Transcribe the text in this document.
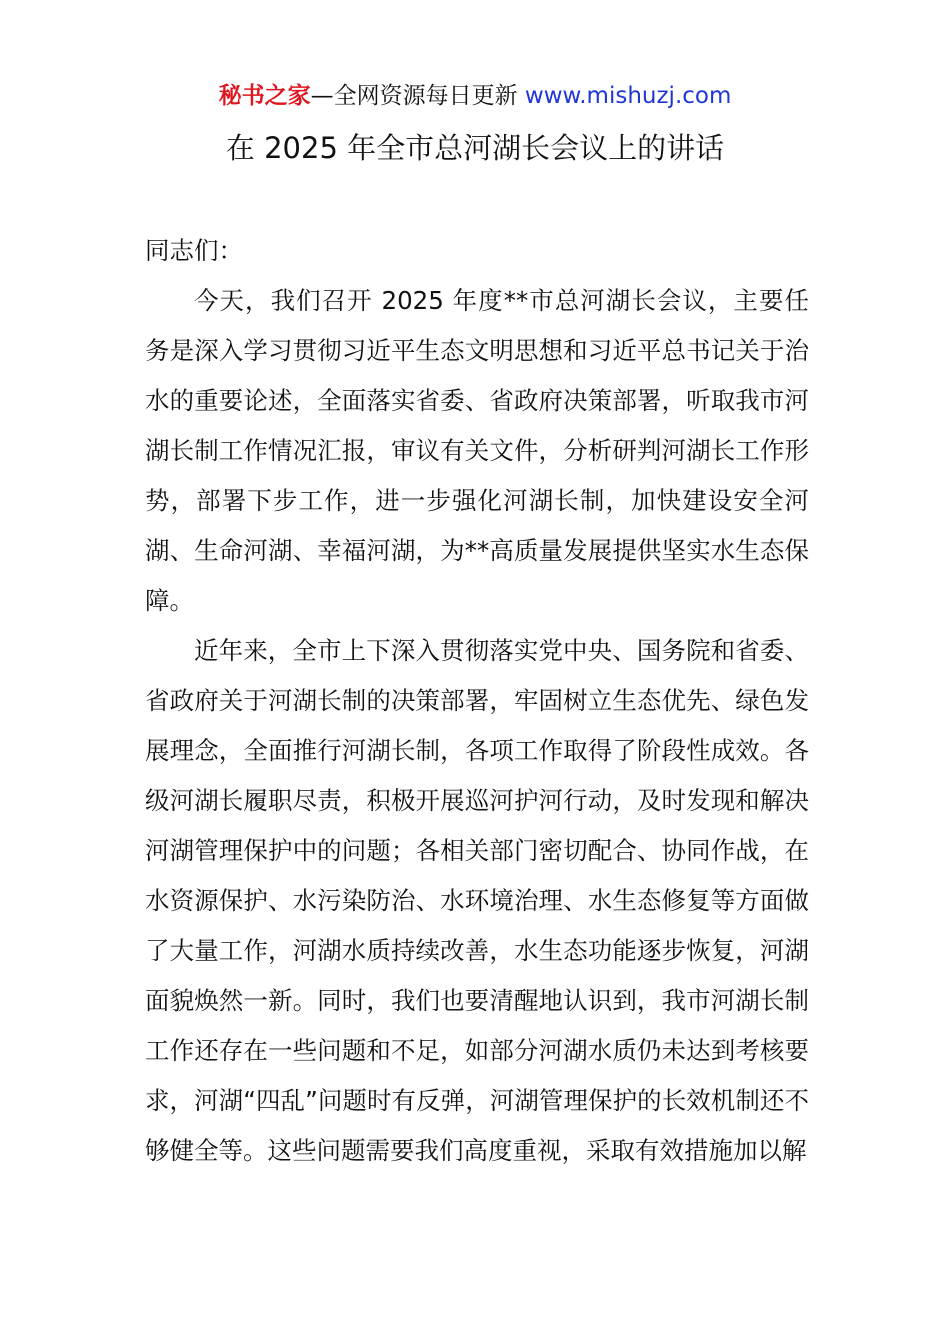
秘书之家—全网资源每日更新 www.mishuzj.com
在 2025 年全市总河湖长会议上的讲话

同志们：

今天，我们召开 2025 年度**市总河湖长会议，主要任务是深入学习贯彻习近平生态文明思想和习近平总书记关于治水的重要论述，全面落实省委、省政府决策部署，听取我市河湖长制工作情况汇报，审议有关文件，分析研判河湖长工作形势，部署下步工作，进一步强化河湖长制，加快建设安全河湖、生命河湖、幸福河湖，为**高质量发展提供坚实水生态保障。

近年来，全市上下深入贯彻落实党中央、国务院和省委、省政府关于河湖长制的决策部署，牢固树立生态优先、绿色发展理念，全面推行河湖长制，各项工作取得了阶段性成效。各级河湖长履职尽责，积极开展巡河护河行动，及时发现和解决河湖管理保护中的问题；各相关部门密切配合、协同作战，在水资源保护、水污染防治、水环境治理、水生态修复等方面做了大量工作，河湖水质持续改善，水生态功能逐步恢复，河湖面貌焕然一新。同时，我们也要清醒地认识到，我市河湖长制工作还存在一些问题和不足，如部分河湖水质仍未达到考核要求，河湖“四乱”问题时有反弹，河湖管理保护的长效机制还不够健全等。这些问题需要我们高度重视，采取有效措施加以解
